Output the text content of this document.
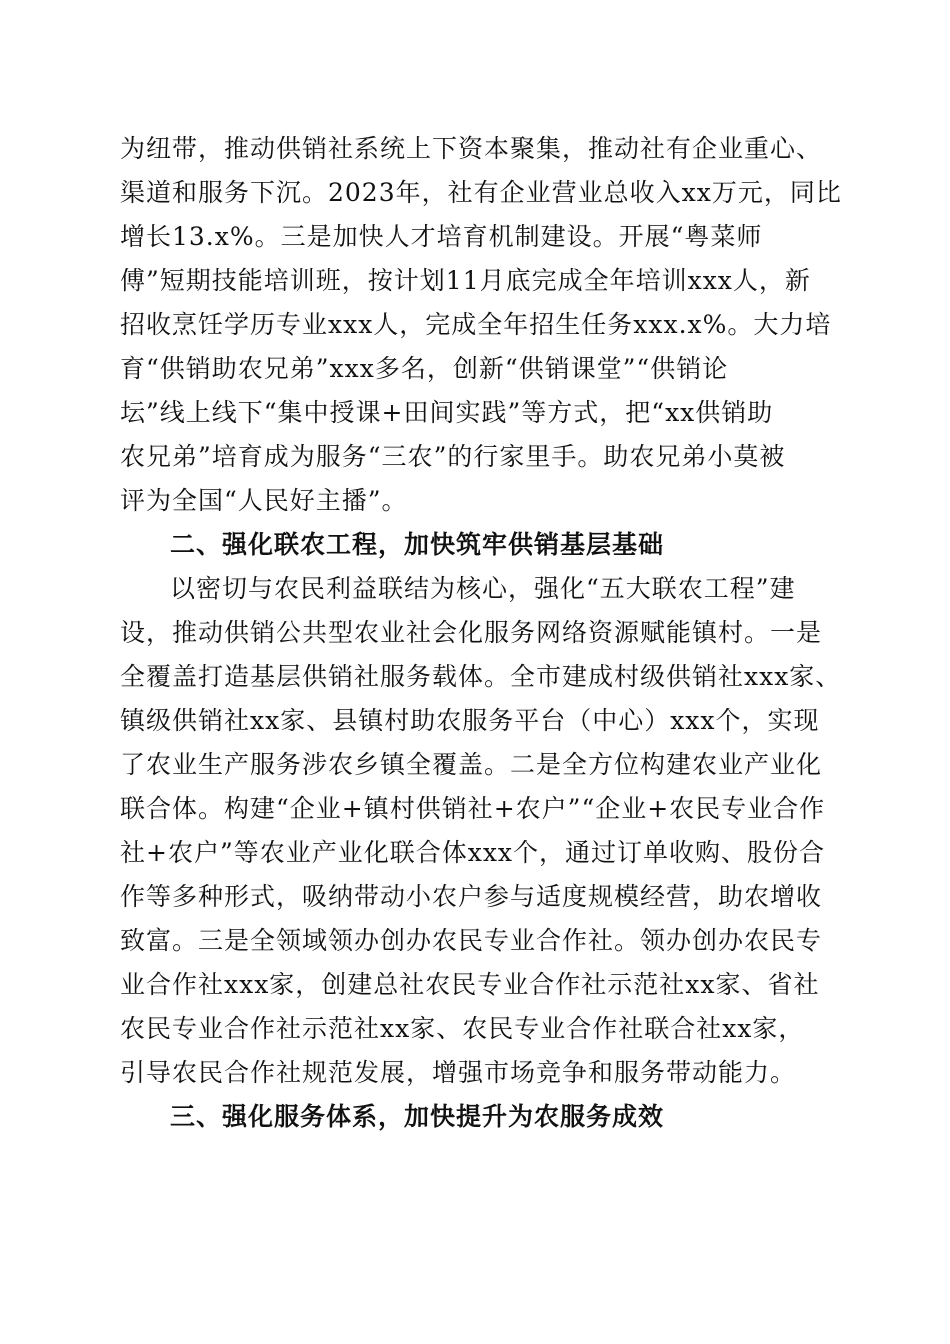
为纽带，推动供销社系统上下资本聚集，推动社有企业重心、
渠道和服务下沉。2023年，社有企业营业总收入xx万元，同比
增长13.x%。三是加快人才培育机制建设。开展“粤菜师
傅”短期技能培训班，按计划11月底完成全年培训xxx人，新
招收烹饪学历专业xxx人，完成全年招生任务xxx.x%。大力培
育“供销助农兄弟”xxx多名，创新“供销课堂”“供销论
坛”线上线下“集中授课+田间实践”等方式，把“xx供销助
农兄弟”培育成为服务“三农”的行家里手。助农兄弟小莫被
评为全国“人民好主播”。
二、强化联农工程，加快筑牢供销基层基础
以密切与农民利益联结为核心，强化“五大联农工程”建
设，推动供销公共型农业社会化服务网络资源赋能镇村。一是
全覆盖打造基层供销社服务载体。全市建成村级供销社xxx家、
镇级供销社xx家、县镇村助农服务平台（中心）xxx个，实现
了农业生产服务涉农乡镇全覆盖。二是全方位构建农业产业化
联合体。构建“企业+镇村供销社+农户”“企业+农民专业合作
社+农户”等农业产业化联合体xxx个，通过订单收购、股份合
作等多种形式，吸纳带动小农户参与适度规模经营，助农增收
致富。三是全领域领办创办农民专业合作社。领办创办农民专
业合作社xxx家，创建总社农民专业合作社示范社xx家、省社
农民专业合作社示范社xx家、农民专业合作社联合社xx家，
引导农民合作社规范发展，增强市场竞争和服务带动能力。
三、强化服务体系，加快提升为农服务成效
